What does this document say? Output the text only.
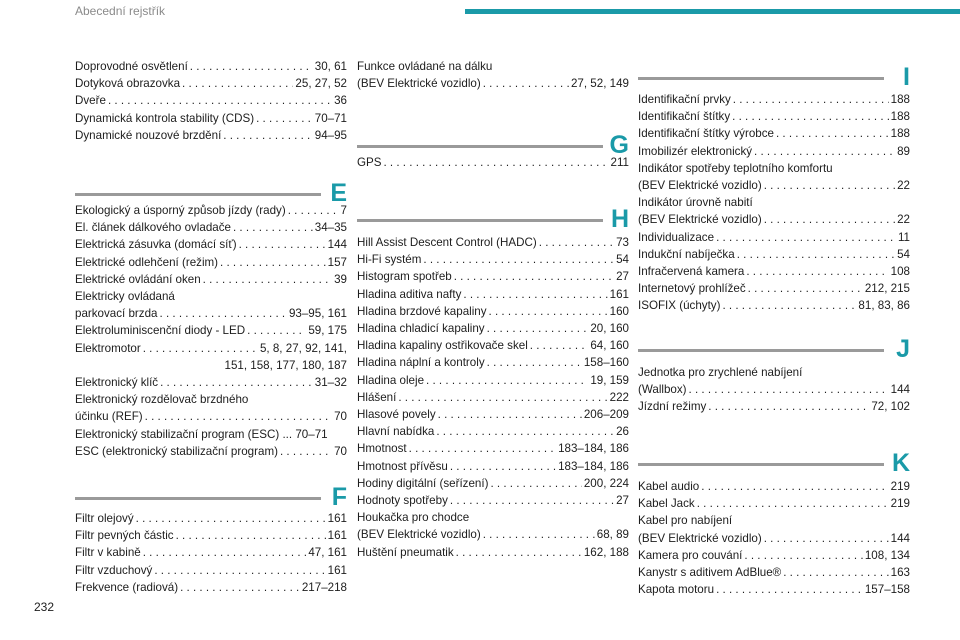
Abecední rejstřík
232
Doprovodné osvětlení . . .	30, 61
Dotyková obrazovka . . .	25, 27, 52
Dveře . . .	36
Dynamická kontrola stability (CDS) . . .	70–71
Dynamické nouzové brzdění . . .	94–95
E
Ekologický a úsporný způsob jízdy (rady) . . .	7
El. článek dálkového ovladače . . .	34–35
Elektrická zásuvka (domácí síť) . . .	144
Elektrické odlehčení (režim) . . .	157
Elektrické ovládání oken . . .	39
Elektricky ovládaná
parkovací brzda . . .	93–95, 161
Elektroluminiscenční diody - LED . . .	59, 175
Elektromotor . . .	5, 8, 27, 92, 141,
151, 158, 177, 180, 187
Elektronický klíč . . .	31–32
Elektronický rozdělovač brzdného
účinku (REF) . . .	70
Elektronický stabilizační program (ESC) ... 70–71
ESC (elektronický stabilizační program) . . .	70
F
Filtr olejový . . .	161
Filtr pevných částic . . .	161
Filtr v kabině . . .	47, 161
Filtr vzduchový . . .	161
Frekvence (radiová) . . .	217–218
Funkce ovládané na dálku
(BEV Elektrické vozidlo) . . .	27, 52, 149
G
GPS . . .	211
H
Hill Assist Descent Control (HADC) . . .	73
Hi-Fi systém . . .	54
Histogram spotřeb . . .	27
Hladina aditiva nafty . . .	161
Hladina brzdové kapaliny . . .	160
Hladina chladicí kapaliny . . .	20, 160
Hladina kapaliny ostřikovače skel . . .	64, 160
Hladina náplní a kontroly . . .	158–160
Hladina oleje . . .	19, 159
Hlášení . . .	222
Hlasové povely . . .	206–209
Hlavní nabídka . . .	26
Hmotnost . . .	183–184, 186
Hmotnost přívěsu . . .	183–184, 186
Hodiny digitální (seřízení) . . .	200, 224
Hodnoty spotřeby . . .	27
Houkačka pro chodce
(BEV Elektrické vozidlo) . . .	68, 89
Huštění pneumatik . . .	162, 188
I
Identifikační prvky . . .	188
Identifikační štítky . . .	188
Identifikační štítky výrobce . . .	188
Imobilizér elektronický . . .	89
Indikátor spotřeby teplotního komfortu
(BEV Elektrické vozidlo) . . .	22
Indikátor úrovně nabití
(BEV Elektrické vozidlo) . . .	22
Individualizace . . .	11
Indukční nabíječka . . .	54
Infračervená kamera . . .	108
Internetový prohlížeč . . .	212, 215
ISOFIX (úchyty) . . .	81, 83, 86
J
Jednotka pro zrychlené nabíjení
(Wallbox) . . .	144
Jízdní režimy . . .	72, 102
K
Kabel audio . . .	219
Kabel Jack . . .	219
Kabel pro nabíjení
(BEV Elektrické vozidlo) . . .	144
Kamera pro couvání . . .	108, 134
Kanystr s aditivem AdBlue® . . .	163
Kapota motoru . . .	157–158
